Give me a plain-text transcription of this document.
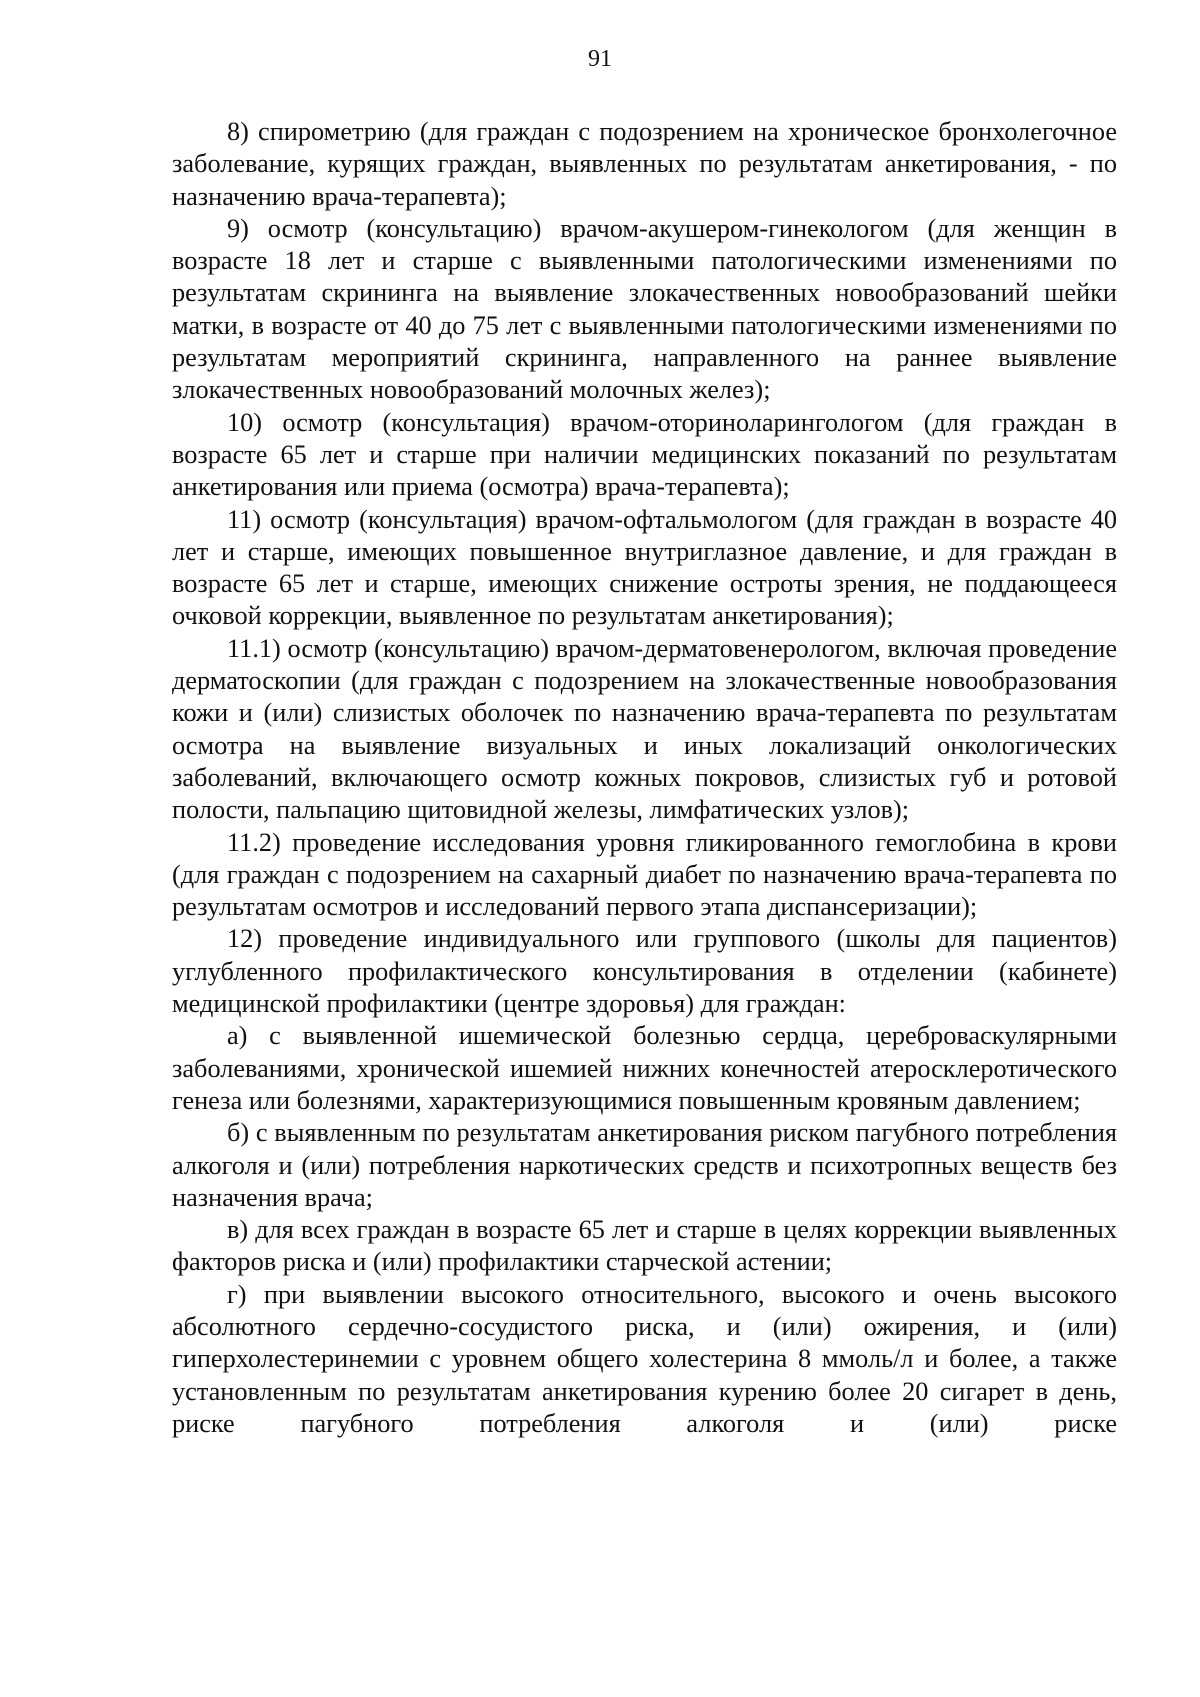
91

8) спирометрию (для граждан с подозрением на хроническое бронхолегочное заболевание, курящих граждан, выявленных по результатам анкетирования, - по назначению врача-терапевта);

9) осмотр (консультацию) врачом-акушером-гинекологом (для женщин в возрасте 18 лет и старше с выявленными патологическими изменениями по результатам скрининга на выявление злокачественных новообразований шейки матки, в возрасте от 40 до 75 лет с выявленными патологическими изменениями по результатам мероприятий скрининга, направленного на раннее выявление злокачественных новообразований молочных желез);

10) осмотр (консультация) врачом-оториноларингологом (для граждан в возрасте 65 лет и старше при наличии медицинских показаний по результатам анкетирования или приема (осмотра) врача-терапевта);

11) осмотр (консультация) врачом-офтальмологом (для граждан в возрасте 40 лет и старше, имеющих повышенное внутриглазное давление, и для граждан в возрасте 65 лет и старше, имеющих снижение остроты зрения, не поддающееся очковой коррекции, выявленное по результатам анкетирования);

11.1) осмотр (консультацию) врачом-дерматовенерологом, включая проведение дерматоскопии (для граждан с подозрением на злокачественные новообразования кожи и (или) слизистых оболочек по назначению врача-терапевта по результатам осмотра на выявление визуальных и иных локализаций онкологических заболеваний, включающего осмотр кожных покровов, слизистых губ и ротовой полости, пальпацию щитовидной железы, лимфатических узлов);

11.2) проведение исследования уровня гликированного гемоглобина в крови (для граждан с подозрением на сахарный диабет по назначению врача-терапевта по результатам осмотров и исследований первого этапа диспансеризации);

12) проведение индивидуального или группового (школы для пациентов) углубленного профилактического консультирования в отделении (кабинете) медицинской профилактики (центре здоровья) для граждан:

а) с выявленной ишемической болезнью сердца, цереброваскулярными заболеваниями, хронической ишемией нижних конечностей атеросклеротического генеза или болезнями, характеризующимися повышенным кровяным давлением;

б) с выявленным по результатам анкетирования риском пагубного потребления алкоголя и (или) потребления наркотических средств и психотропных веществ без назначения врача;

в) для всех граждан в возрасте 65 лет и старше в целях коррекции выявленных факторов риска и (или) профилактики старческой астении;

г) при выявлении высокого относительного, высокого и очень высокого абсолютного сердечно-сосудистого риска, и (или) ожирения, и (или) гиперхолестеринемии с уровнем общего холестерина 8 ммоль/л и более, а также установленным по результатам анкетирования курению более 20 сигарет в день, риске пагубного потребления алкоголя и (или) риске
